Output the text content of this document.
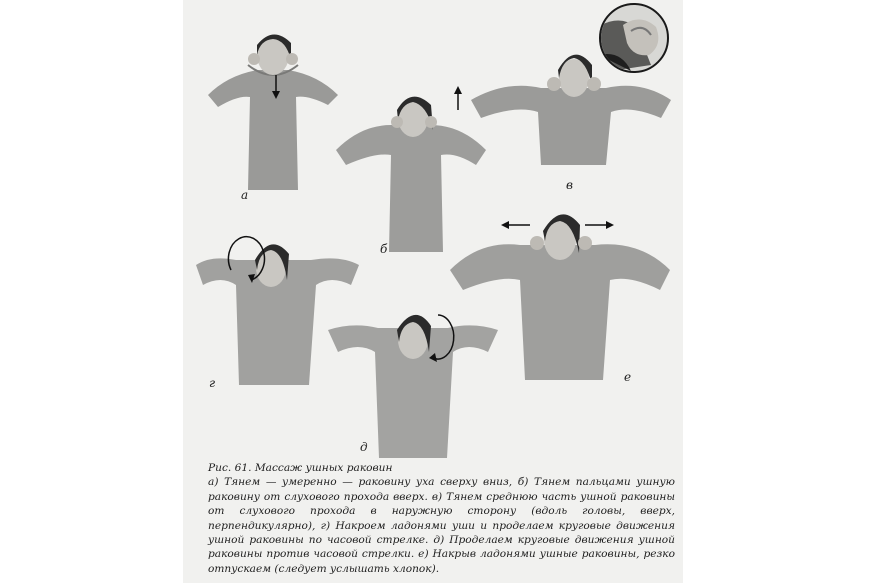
а
б
в
г
д
е
Рис. 61. Массаж ушных раковин
а) Тянем — умеренно — раковину уха сверху вниз, б) Тянем пальцами ушную раковину от слухового прохода вверх. в) Тянем среднюю часть ушной раковины от слухового прохода в наружную сторону (вдоль головы, вверх, перпендикулярно), г) Накроем ладонями уши и проделаем круговые движения ушной раковины по часовой стрелке. д) Проделаем круговые движения ушной раковины против часовой стрелки. е) Накрыв ладонями ушные раковины, резко отпускаем (следует услышать хлопок).
